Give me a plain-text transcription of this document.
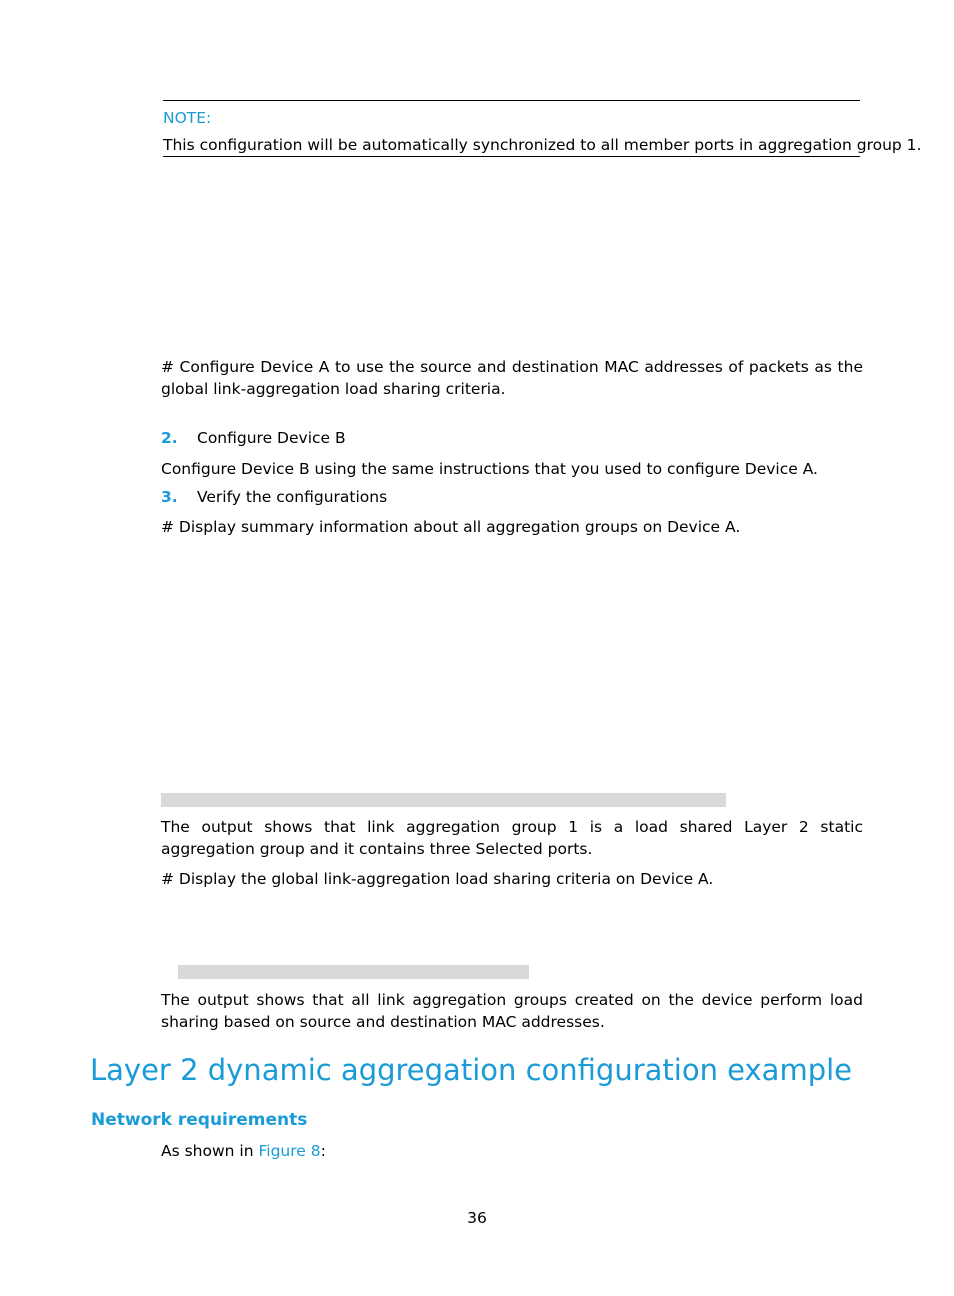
NOTE:
This configuration will be automatically synchronized to all member ports in aggregation group 1.
# Configure Device A to use the source and destination MAC addresses of packets as the global link-aggregation load sharing criteria.
2. Configure Device B
Configure Device B using the same instructions that you used to configure Device A.
3. Verify the configurations
# Display summary information about all aggregation groups on Device A.
The output shows that link aggregation group 1 is a load shared Layer 2 static aggregation group and it contains three Selected ports.
# Display the global link-aggregation load sharing criteria on Device A.
The output shows that all link aggregation groups created on the device perform load sharing based on source and destination MAC addresses.
Layer 2 dynamic aggregation configuration example
Network requirements
As shown in Figure 8:
36
